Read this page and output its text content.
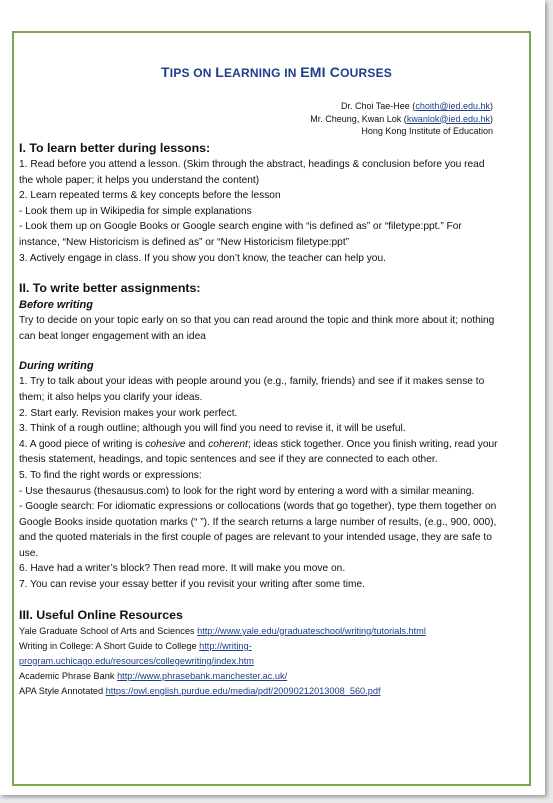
TIPS ON LEARNING IN EMI COURSES
Dr. Choi Tae-Hee (choith@ied.edu.hk)
Mr. Cheung, Kwan Lok (kwanlok@ied.edu.hk)
Hong Kong Institute of Education
I. To learn better during lessons:

1. Read before you attend a lesson. (Skim through the abstract, headings & conclusion before you read the whole paper; it helps you understand the content)

2. Learn repeated terms & key concepts before the lesson

- Look them up in Wikipedia for simple explanations

- Look them up on Google Books or Google search engine with “is defined as” or “filetype:ppt.” For instance, “New Historicism is defined as” or “New Historicism filetype:ppt”

3. Actively engage in class. If you show you don’t know, the teacher can help you.

II. To write better assignments:
Before writing

Try to decide on your topic early on so that you can read around the topic and think more about it; nothing can beat longer engagement with an idea

During writing

1. Try to talk about your ideas with people around you (e.g., family, friends) and see if it makes sense to them; it also helps you clarify your ideas.

2. Start early. Revision makes your work perfect.

3. Think of a rough outline; although you will find you need to revise it, it will be useful.

4. A good piece of writing is cohesive and coherent; ideas stick together. Once you finish writing, read your thesis statement, headings, and topic sentences and see if they are connected to each other.

5. To find the right words or expressions:

- Use thesaurus (thesausus.com) to look for the right word by entering a word with a similar meaning.

- Google search: For idiomatic expressions or collocations (words that go together), type them together on Google Books inside quotation marks (“ ”). If the search returns a large number of results, (e.g., 900, 000), and the quoted materials in the first couple of pages are relevant to your intended usage, they are safe to use.

6. Have had a writer’s block? Then read more. It will make you move on.

7. You can revise your essay better if you revisit your writing after some time.

III. Useful Online Resources
Yale Graduate School of Arts and Sciences http://www.yale.edu/graduateschool/writing/tutorials.html
Writing in College: A Short Guide to College http://writing-
program.uchicago.edu/resources/collegewriting/index.htm
Academic Phrase Bank http://www.phrasebank.manchester.ac.uk/
APA Style Annotated https://owl.english.purdue.edu/media/pdf/20090212013008_560.pdf
